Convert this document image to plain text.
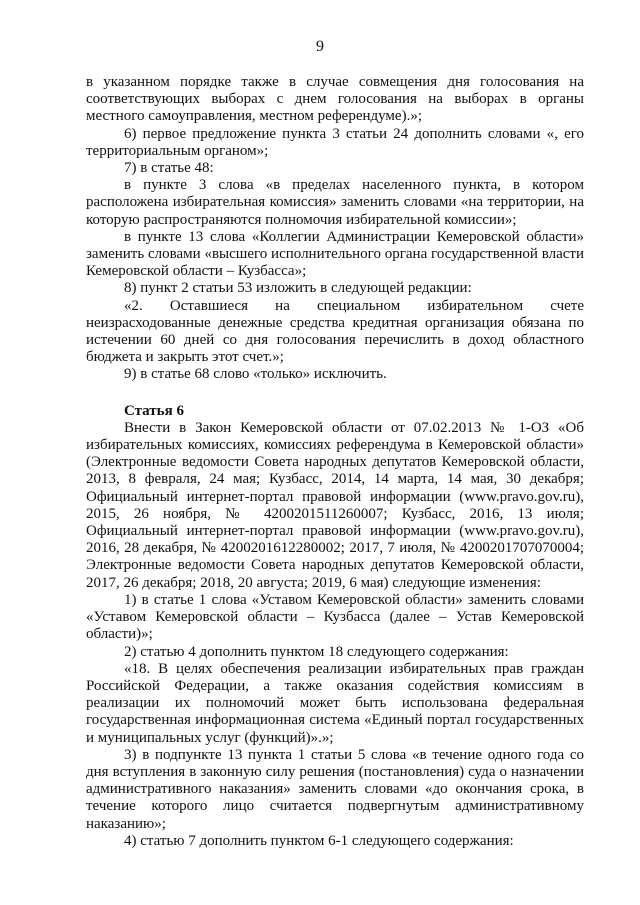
9

в указанном порядке также в случае совмещения дня голосования на соответствующих выборах с днем голосования на выборах в органы местного самоуправления, местном референдуме).»;

6) первое предложение пункта 3 статьи 24 дополнить словами «, его территориальным органом»;

7) в статье 48:

в пункте 3 слова «в пределах населенного пункта, в котором расположена избирательная комиссия» заменить словами «на территории, на которую распространяются полномочия избирательной комиссии»;

в пункте 13 слова «Коллегии Администрации Кемеровской области» заменить словами «высшего исполнительного органа государственной власти Кемеровской области – Кузбасса»;

8) пункт 2 статьи 53 изложить в следующей редакции:

«2. Оставшиеся на специальном избирательном счете неизрасходованные денежные средства кредитная организация обязана по истечении 60 дней со дня голосования перечислить в доход областного бюджета и закрыть этот счет.»;

9) в статье 68 слово «только» исключить.

Статья 6

Внести в Закон Кемеровской области от 07.02.2013 № 1-ОЗ «Об избирательных комиссиях, комиссиях референдума в Кемеровской области» (Электронные ведомости Совета народных депутатов Кемеровской области, 2013, 8 февраля, 24 мая; Кузбасс, 2014, 14 марта, 14 мая, 30 декабря; Официальный интернет-портал правовой информации (www.pravo.gov.ru), 2015, 26 ноября, № 4200201511260007; Кузбасс, 2016, 13 июля; Официальный интернет-портал правовой информации (www.pravo.gov.ru), 2016, 28 декабря, № 4200201612280002; 2017, 7 июля, № 4200201707070004; Электронные ведомости Совета народных депутатов Кемеровской области, 2017, 26 декабря; 2018, 20 августа; 2019, 6 мая) следующие изменения:

1) в статье 1 слова «Уставом Кемеровской области» заменить словами «Уставом Кемеровской области – Кузбасса (далее – Устав Кемеровской области)»;

2) статью 4 дополнить пунктом 18 следующего содержания:

«18. В целях обеспечения реализации избирательных прав граждан Российской Федерации, а также оказания содействия комиссиям в реализации их полномочий может быть использована федеральная государственная информационная система «Единый портал государственных и муниципальных услуг (функций)».»;

3) в подпункте 13 пункта 1 статьи 5 слова «в течение одного года со дня вступления в законную силу решения (постановления) суда о назначении административного наказания» заменить словами «до окончания срока, в течение которого лицо считается подвергнутым административному наказанию»;

4) статью 7 дополнить пунктом 6-1 следующего содержания:
